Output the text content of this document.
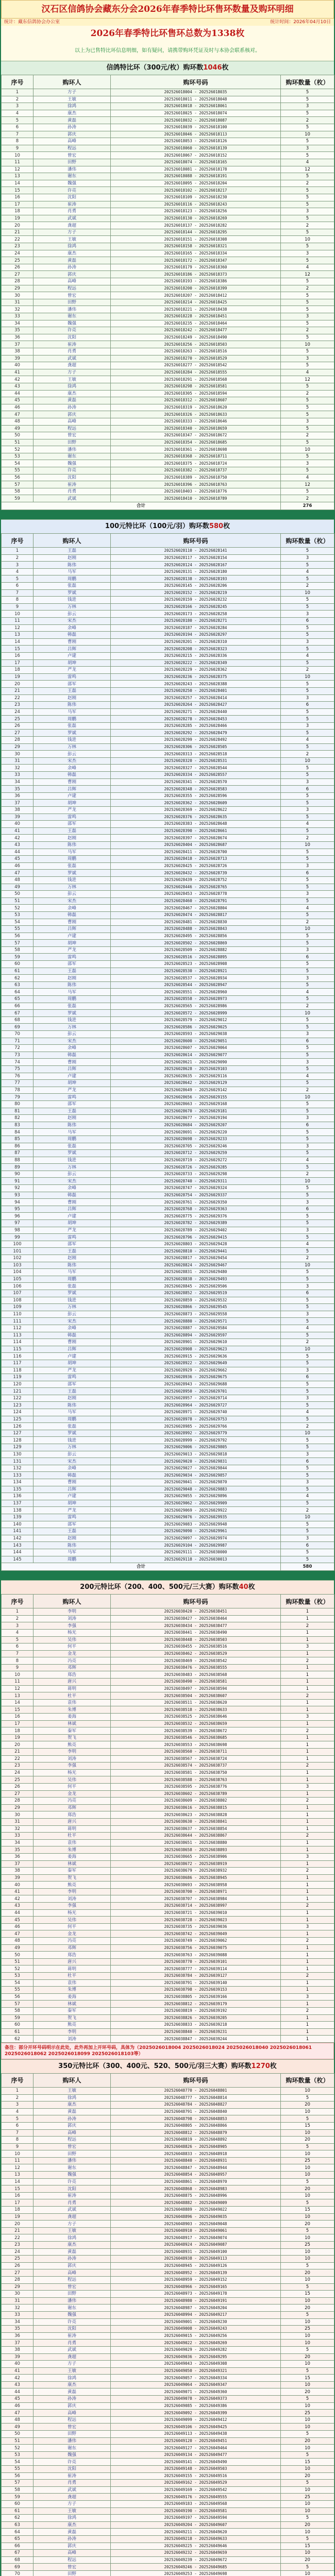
汉石区信鸽协会藏东分会2026年春季特比环售环数量及购环明细
统计：藏东信鸽协会办公室	统计时间：2026年04月10日
2026年春季特比环售环总数为1338枚
以上为已售特比环信息明细，如有疑问，请携带购环凭证及时与本协会联系核对。
信鸽特比环（300元/枚）购环数1046枚
序号	购环人	购环号码	购环数量（枚）
1	方子	202526018004 - 202526018035	5
2	王敏	202526018011 - 202526018048	5
3	徐鸿	202526018018 - 202526018061	3
4	康杰	202526018025 - 202526018074	5
5	黄磊	202526018032 - 202526018087	2
6	孙涛	202526018039 - 202526018100	5
7	郭庆	202526018046 - 202526018113	10
8	高峰	202526018053 - 202526018126	5
9	程远	202526018060 - 202526018139	3
10	曾宏	202526018067 - 202526018152	5
11	田野	202526018074 - 202526018165	4
12	潘伟	202526018081 - 202526018178	12
13	谢东	202526018088 - 202526018191	5
14	魏强	202526018095 - 202526018204	2
15	许亮	202526018102 - 202526018217	5
16	沈阳	202526018109 - 202526018230	5
17	崔涛	202526018116 - 202526018243	5
18	肖勇	202526018123 - 202526018256	3
19	武斌	202526018130 - 202526018269	5
20	龚超	202526018137 - 202526018282	2
21	方子	202526018144 - 202526018295	5
22	王敏	202526018151 - 202526018308	10
23	徐鸿	202526018158 - 202526018321	5
24	康杰	202526018165 - 202526018334	3
25	黄磊	202526018172 - 202526018347	5
26	孙涛	202526018179 - 202526018360	4
27	郭庆	202526018186 - 202526018373	12
28	高峰	202526018193 - 202526018386	5
29	程远	202526018200 - 202526018399	2
30	曾宏	202526018207 - 202526018412	5
31	田野	202526018214 - 202526018425	5
32	潘伟	202526018221 - 202526018438	5
33	谢东	202526018228 - 202526018451	3
34	魏强	202526018235 - 202526018464	5
35	许亮	202526018242 - 202526018477	2
36	沈阳	202526018249 - 202526018490	5
37	崔涛	202526018256 - 202526018503	10
38	肖勇	202526018263 - 202526018516	5
39	武斌	202526018270 - 202526018529	3
40	龚超	202526018277 - 202526018542	5
41	方子	202526018284 - 202526018555	4
42	王敏	202526018291 - 202526018568	12
43	徐鸿	202526018298 - 202526018581	5
44	康杰	202526018305 - 202526018594	2
45	黄磊	202526018312 - 202526018607	5
46	孙涛	202526018319 - 202526018620	5
47	郭庆	202526018326 - 202526018633	5
48	高峰	202526018333 - 202526018646	3
49	程远	202526018340 - 202526018659	5
50	曾宏	202526018347 - 202526018672	2
51	田野	202526018354 - 202526018685	5
52	潘伟	202526018361 - 202526018698	10
53	谢东	202526018368 - 202526018711	5
54	魏强	202526018375 - 202526018724	3
55	许亮	202526018382 - 202526018737	5
56	沈阳	202526018389 - 202526018750	4
57	崔涛	202526018396 - 202526018763	12
58	肖勇	202526018403 - 202526018776	5
59	武斌	202526018410 - 202526018789	2
合计			276
100元特比环（100元/羽）购环数580枚
序号	购环人	购环号码	购环数量（枚）
1	王磊	202526028110 - 202526028141	5
2	赵刚	202526028117 - 202526028154	3
3	陈伟	202526028124 - 202526028167	5
4	马军	202526028131 - 202526028180	4
5	周鹏	202526028138 - 202526028193	5
6	张磊	202526028145 - 202526028206	2
7	罗斌	202526028152 - 202526028219	10
8	钱进	202526028159 - 202526028232	5
9	万林	202526028166 - 202526028245	5
10	彭云	202526028173 - 202526028258	3
11	宋杰	202526028180 - 202526028271	6
12	余峰	202526028187 - 202526028284	5
13	韩磊	202526028194 - 202526028297	5
14	曹刚	202526028201 - 202526028310	3
15	吕辉	202526028208 - 202526028323	5
16	卢建	202526028215 - 202526028336	4
17	胡坤	202526028222 - 202526028349	5
18	严龙	202526028229 - 202526028362	2
19	雷鸣	202526028236 - 202526028375	10
20	邵军	202526028243 - 202526028388	5
21	王磊	202526028250 - 202526028401	5
22	赵刚	202526028257 - 202526028414	3
23	陈伟	202526028264 - 202526028427	6
24	马军	202526028271 - 202526028440	5
25	周鹏	202526028278 - 202526028453	5
26	张磊	202526028285 - 202526028466	3
27	罗斌	202526028292 - 202526028479	5
28	钱进	202526028299 - 202526028492	4
29	万林	202526028306 - 202526028505	5
30	彭云	202526028313 - 202526028518	2
31	宋杰	202526028320 - 202526028531	10
32	余峰	202526028327 - 202526028544	5
33	韩磊	202526028334 - 202526028557	5
34	曹刚	202526028341 - 202526028570	3
35	吕辉	202526028348 - 202526028583	6
36	卢建	202526028355 - 202526028596	5
37	胡坤	202526028362 - 202526028609	5
38	严龙	202526028369 - 202526028622	3
39	雷鸣	202526028376 - 202526028635	5
40	邵军	202526028383 - 202526028648	4
41	王磊	202526028390 - 202526028661	5
42	赵刚	202526028397 - 202526028674	2
43	陈伟	202526028404 - 202526028687	10
44	马军	202526028411 - 202526028700	5
45	周鹏	202526028418 - 202526028713	5
46	张磊	202526028425 - 202526028726	3
47	罗斌	202526028432 - 202526028739	6
48	钱进	202526028439 - 202526028752	5
49	万林	202526028446 - 202526028765	5
50	彭云	202526028453 - 202526028778	3
51	宋杰	202526028460 - 202526028791	5
52	余峰	202526028467 - 202526028804	4
53	韩磊	202526028474 - 202526028817	5
54	曹刚	202526028481 - 202526028830	2
55	吕辉	202526028488 - 202526028843	10
56	卢建	202526028495 - 202526028856	5
57	胡坤	202526028502 - 202526028869	5
58	严龙	202526028509 - 202526028882	3
59	雷鸣	202526028516 - 202526028895	6
60	邵军	202526028523 - 202526028908	5
61	王磊	202526028530 - 202526028921	5
62	赵刚	202526028537 - 202526028934	3
63	陈伟	202526028544 - 202526028947	5
64	马军	202526028551 - 202526028960	4
65	周鹏	202526028558 - 202526028973	5
66	张磊	202526028565 - 202526028986	2
67	罗斌	202526028572 - 202526028999	10
68	钱进	202526028579 - 202526029012	5
69	万林	202526028586 - 202526029025	5
70	彭云	202526028593 - 202526029038	3
71	宋杰	202526028600 - 202526029051	6
72	余峰	202526028607 - 202526029064	5
73	韩磊	202526028614 - 202526029077	5
74	曹刚	202526028621 - 202526029090	3
75	吕辉	202526028628 - 202526029103	5
76	卢建	202526028635 - 202526029116	4
77	胡坤	202526028642 - 202526029129	5
78	严龙	202526028649 - 202526029142	2
79	雷鸣	202526028656 - 202526029155	10
80	邵军	202526028663 - 202526029168	5
81	王磊	202526028670 - 202526029181	5
82	赵刚	202526028677 - 202526029194	3
83	陈伟	202526028684 - 202526029207	6
84	马军	202526028691 - 202526029220	5
85	周鹏	202526028698 - 202526029233	5
86	张磊	202526028705 - 202526029246	3
87	罗斌	202526028712 - 202526029259	5
88	钱进	202526028719 - 202526029272	4
89	万林	202526028726 - 202526029285	5
90	彭云	202526028733 - 202526029298	2
91	宋杰	202526028740 - 202526029311	10
92	余峰	202526028747 - 202526029324	5
93	韩磊	202526028754 - 202526029337	5
94	曹刚	202526028761 - 202526029350	3
95	吕辉	202526028768 - 202526029363	6
96	卢建	202526028775 - 202526029376	5
97	胡坤	202526028782 - 202526029389	5
98	严龙	202526028789 - 202526029402	3
99	雷鸣	202526028796 - 202526029415	5
100	邵军	202526028803 - 202526029428	4
101	王磊	202526028810 - 202526029441	5
102	赵刚	202526028817 - 202526029454	2
103	陈伟	202526028824 - 202526029467	10
104	马军	202526028831 - 202526029480	5
105	周鹏	202526028838 - 202526029493	5
106	张磊	202526028845 - 202526029506	3
107	罗斌	202526028852 - 202526029519	6
108	钱进	202526028859 - 202526029532	5
109	万林	202526028866 - 202526029545	5
110	彭云	202526028873 - 202526029558	3
111	宋杰	202526028880 - 202526029571	5
112	余峰	202526028887 - 202526029584	4
113	韩磊	202526028894 - 202526029597	5
114	曹刚	202526028901 - 202526029610	2
115	吕辉	202526028908 - 202526029623	10
116	卢建	202526028915 - 202526029636	5
117	胡坤	202526028922 - 202526029649	5
118	严龙	202526028929 - 202526029662	3
119	雷鸣	202526028936 - 202526029675	6
120	邵军	202526028943 - 202526029688	5
121	王磊	202526028950 - 202526029701	5
122	赵刚	202526028957 - 202526029714	3
123	陈伟	202526028964 - 202526029727	5
124	马军	202526028971 - 202526029740	4
125	周鹏	202526028978 - 202526029753	5
126	张磊	202526028985 - 202526029766	2
127	罗斌	202526028992 - 202526029779	10
128	钱进	202526028999 - 202526029792	5
129	万林	202526029006 - 202526029805	5
130	彭云	202526029013 - 202526029818	3
131	宋杰	202526029020 - 202526029831	6
132	余峰	202526029027 - 202526029844	5
133	韩磊	202526029034 - 202526029857	5
134	曹刚	202526029041 - 202526029870	3
135	吕辉	202526029048 - 202526029883	5
136	卢建	202526029055 - 202526029896	4
137	胡坤	202526029062 - 202526029909	5
138	严龙	202526029069 - 202526029922	2
139	雷鸣	202526029076 - 202526029935	10
140	邵军	202526029083 - 202526029948	5
141	王磊	202526029090 - 202526029961	5
142	赵刚	202526029097 - 202526029974	3
143	陈伟	202526029104 - 202526029987	6
144	马军	202526029111 - 202526030000	5
145	周鹏	202526029118 - 202526030013	5
合计			580
200元特比环（200、400、500元/三大赛）购环数40枚
序号	购环人	购环号码	购环数量（枚）
1	李明	202526038420 - 202526038451	1
2	刘涛	202526038427 - 202526038464	1
3	李强	202526038434 - 202526038477	2
4	杨光	202526038441 - 202526038490	1
5	吴伟	202526038448 - 202526038503	1
6	何平	202526038455 - 202526038516	3
7	金龙	202526038462 - 202526038529	1
8	冯亮	202526038469 - 202526038542	2
9	邓辉	202526038476 - 202526038555	1
10	郑浩	202526038483 - 202526038568	1
11	唐兴	202526038490 - 202526038581	1
12	蒋明	202526038497 - 202526038594	1
13	杜平	202526038504 - 202526038607	2
14	袁伟	202526038511 - 202526038620	1
15	朱博	202526038518 - 202526038633	1
16	姜海	202526038525 - 202526038646	3
17	林斌	202526038532 - 202526038659	1
18	秦军	202526038539 - 202526038672	2
19	贺飞	202526038546 - 202526038685	1
20	熊亮	202526038553 - 202526038698	1
21	李明	202526038560 - 202526038711	1
22	刘涛	202526038567 - 202526038724	1
23	李强	202526038574 - 202526038737	2
24	杨光	202526038581 - 202526038750	1
25	吴伟	202526038588 - 202526038763	1
26	何平	202526038595 - 202526038776	3
27	金龙	202526038602 - 202526038789	1
28	冯亮	202526038609 - 202526038802	2
29	邓辉	202526038616 - 202526038815	1
30	郑浩	202526038623 - 202526038828	1
31	唐兴	202526038630 - 202526038841	1
32	蒋明	202526038637 - 202526038854	1
33	杜平	202526038644 - 202526038867	2
34	袁伟	202526038651 - 202526038880	1
35	朱博	202526038658 - 202526038893	1
36	姜海	202526038665 - 202526038906	3
37	林斌	202526038672 - 202526038919	1
38	秦军	202526038679 - 202526038932	2
39	贺飞	202526038686 - 202526038945	1
40	熊亮	202526038693 - 202526038958	1
41	李明	202526038700 - 202526038971	1
42	刘涛	202526038707 - 202526038984	1
43	李强	202526038714 - 202526038997	2
44	杨光	202526038721 - 202526039010	1
45	吴伟	202526038728 - 202526039023	1
46	何平	202526038735 - 202526039036	3
47	金龙	202526038742 - 202526039049	1
48	冯亮	202526038749 - 202526039062	2
49	邓辉	202526038756 - 202526039075	1
50	郑浩	202526038763 - 202526039088	1
51	唐兴	202526038770 - 202526039101	1
52	蒋明	202526038777 - 202526039114	1
53	杜平	202526038784 - 202526039127	2
54	袁伟	202526038791 - 202526039140	1
55	朱博	202526038798 - 202526039153	1
56	姜海	202526038805 - 202526039166	3
57	林斌	202526038812 - 202526039179	1
58	秦军	202526038819 - 202526039192	2
59	贺飞	202526038826 - 202526039205	1
60	熊亮	202526038833 - 202526039218	1
61	李明	202526038840 - 202526039231	1
62	刘涛	202526038847 - 202526039244	1
备注：部分开环号码明示在此处，此外再加上开环号码，具体为（2025026018004 2025026018024 2025026018040 2025026018061 2025026018062 2025026018099 2025026018103等）
350元特比环（300、400元、520、500元/羽三大赛）购环数1270枚
序号	购环人	购环号码	购环数量（枚）
1	王敏	202526048770 - 202526048801	10
2	徐鸿	202526048777 - 202526048814	5
3	康杰	202526048784 - 202526048827	20
4	黄磊	202526048791 - 202526048840	10
5	孙涛	202526048798 - 202526048853	5
6	郭庆	202526048805 - 202526048866	15
7	高峰	202526048812 - 202526048879	10
8	程远	202526048819 - 202526048892	20
9	曾宏	202526048826 - 202526048905	5
10	田野	202526048833 - 202526048918	10
11	潘伟	202526048840 - 202526048931	25
12	谢东	202526048847 - 202526048944	10
13	魏强	202526048854 - 202526048957	10
14	许亮	202526048861 - 202526048970	5
15	沈阳	202526048868 - 202526048983	20
16	崔涛	202526048875 - 202526048996	10
17	肖勇	202526048882 - 202526049009	5
18	武斌	202526048889 - 202526049022	15
19	龚超	202526048896 - 202526049035	10
20	方子	202526048903 - 202526049048	20
21	王敏	202526048910 - 202526049061	5
22	徐鸿	202526048917 - 202526049074	10
23	康杰	202526048924 - 202526049087	25
24	黄磊	202526048931 - 202526049100	10
25	孙涛	202526048938 - 202526049113	10
26	郭庆	202526048945 - 202526049126	5
27	高峰	202526048952 - 202526049139	20
28	程远	202526048959 - 202526049152	10
29	曾宏	202526048966 - 202526049165	5
30	田野	202526048973 - 202526049178	15
31	潘伟	202526048980 - 202526049191	10
32	谢东	202526048987 - 202526049204	20
33	魏强	202526048994 - 202526049217	5
34	许亮	202526049001 - 202526049230	10
35	沈阳	202526049008 - 202526049243	25
36	崔涛	202526049015 - 202526049256	10
37	肖勇	202526049022 - 202526049269	10
38	武斌	202526049029 - 202526049282	5
39	龚超	202526049036 - 202526049295	20
40	方子	202526049043 - 202526049308	10
41	王敏	202526049050 - 202526049321	5
42	徐鸿	202526049057 - 202526049334	15
43	康杰	202526049064 - 202526049347	10
44	黄磊	202526049071 - 202526049360	20
45	孙涛	202526049078 - 202526049373	5
46	郭庆	202526049085 - 202526049386	10
47	高峰	202526049092 - 202526049399	25
48	程远	202526049099 - 202526049412	10
49	曾宏	202526049106 - 202526049425	10
50	田野	202526049113 - 202526049438	5
51	潘伟	202526049120 - 202526049451	20
52	谢东	202526049127 - 202526049464	10
53	魏强	202526049134 - 202526049477	5
54	许亮	202526049141 - 202526049490	15
55	沈阳	202526049148 - 202526049503	10
56	崔涛	202526049155 - 202526049516	20
57	肖勇	202526049162 - 202526049529	5
58	武斌	202526049169 - 202526049542	10
59	龚超	202526049176 - 202526049555	25
60	方子	202526049183 - 202526049568	10
61	王敏	202526049190 - 202526049581	10
62	徐鸿	202526049197 - 202526049594	5
63	康杰	202526049204 - 202526049607	20
64	黄磊	202526049211 - 202526049620	10
65	孙涛	202526049218 - 202526049633	5
66	郭庆	202526049225 - 202526049646	15
67	高峰	202526049232 - 202526049659	10
68	程远	202526049239 - 202526049672	20
69	曾宏	202526049246 - 202526049685	5
70	田野	202526049253 - 202526049698	10
